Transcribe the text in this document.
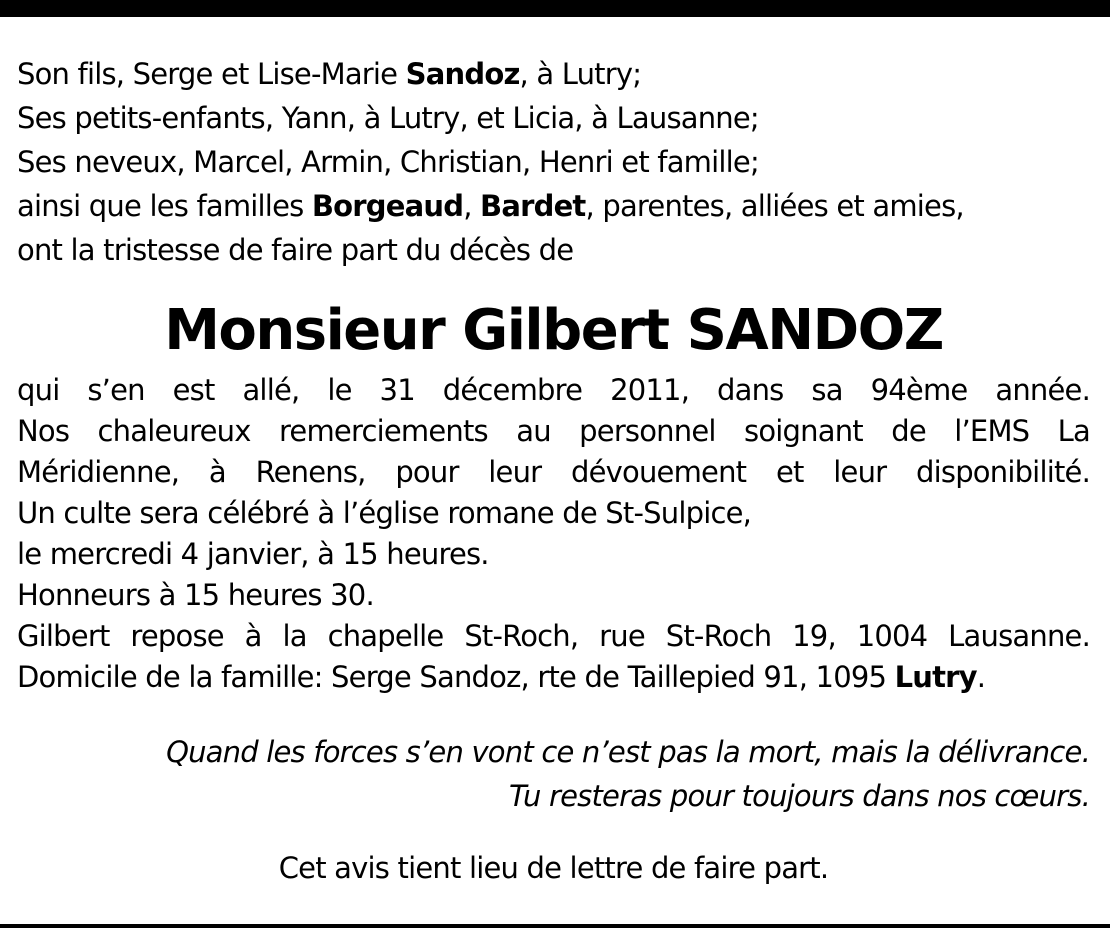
Son fils, Serge et Lise-Marie Sandoz, à Lutry;
Ses petits-enfants, Yann, à Lutry, et Licia, à Lausanne;
Ses neveux, Marcel, Armin, Christian, Henri et famille;
ainsi que les familles Borgeaud, Bardet, parentes, alliées et amies,
ont la tristesse de faire part du décès de
Monsieur Gilbert SANDOZ
qui s’en est allé, le 31 décembre 2011, dans sa 94ème année.
Nos chaleureux remerciements au personnel soignant de l’EMS La
Méridienne, à Renens, pour leur dévouement et leur disponibilité.
Un culte sera célébré à l’église romane de St-Sulpice,
le mercredi 4 janvier, à 15 heures.
Honneurs à 15 heures 30.
Gilbert repose à la chapelle St-Roch, rue St-Roch 19, 1004 Lausanne.
Domicile de la famille: Serge Sandoz, rte de Taillepied 91, 1095 Lutry.
Quand les forces s’en vont ce n’est pas la mort, mais la délivrance.
Tu resteras pour toujours dans nos cœurs.
Cet avis tient lieu de lettre de faire part.
